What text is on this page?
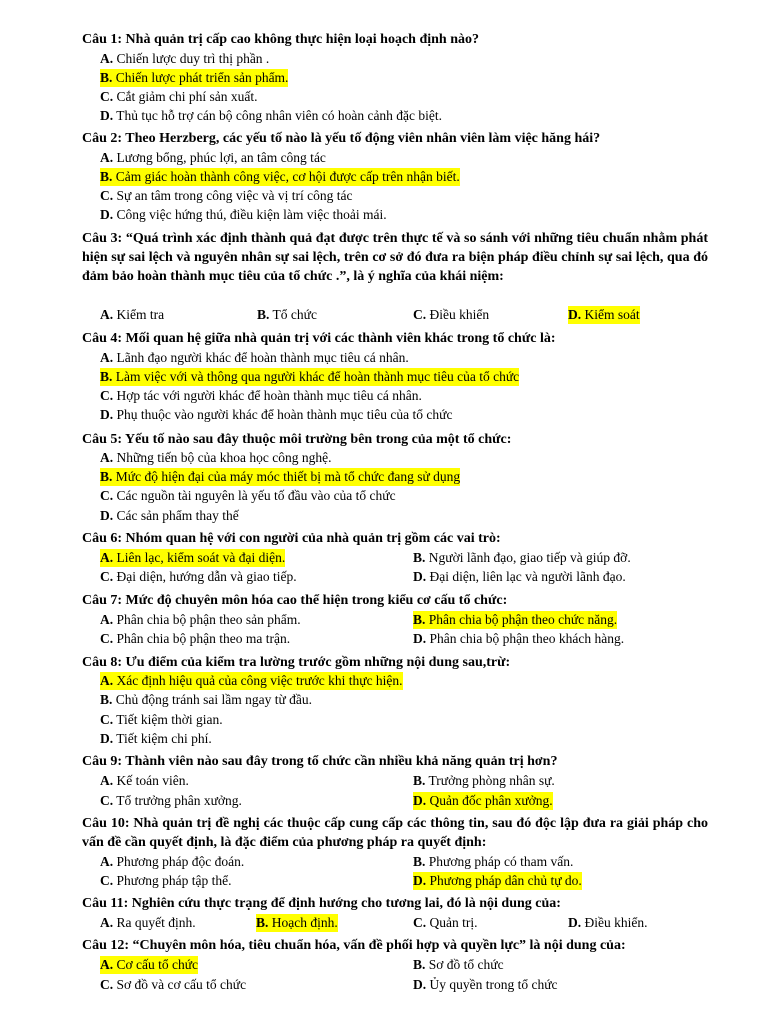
Câu 1: Nhà quản trị cấp cao không thực hiện loại hoạch định nào?
A. Chiến lược duy trì thị phần .
B. Chiến lược phát triển sản phẩm.
C. Cắt giảm chi phí sản xuất.
D. Thủ tục hỗ trợ cán bộ công nhân viên có hoàn cảnh đặc biệt.
Câu 2: Theo Herzberg, các yếu tố nào là yếu tố động viên nhân viên làm việc hăng hái?
A. Lương bổng, phúc lợi, an tâm công tác
B. Cảm giác hoàn thành công việc, cơ hội được cấp trên nhận biết.
C. Sự an tâm trong công việc và vị trí công tác
D. Công việc hứng thú, điều kiện làm việc thoải mái.
Câu 3: “Quá trình xác định thành quả đạt được trên thực tế và so sánh với những tiêu chuẩn nhằm phát hiện sự sai lệch và nguyên nhân sự sai lệch, trên cơ sở đó đưa ra biện pháp điều chỉnh sự sai lệch, qua đó đảm bảo hoàn thành mục tiêu của tổ chức .”, là ý nghĩa của khái niệm:
A. Kiểm tra	B. Tổ chức	C. Điều khiển	D. Kiểm soát
Câu 4: Mối quan hệ giữa nhà quản trị với các thành viên khác trong tổ chức là:
A. Lãnh đạo người khác để hoàn thành mục tiêu cá nhân.
B. Làm việc với và thông qua người khác để hoàn thành mục tiêu của tổ chức
C. Hợp tác với người khác để hoàn thành mục tiêu cá nhân.
D. Phụ thuộc vào người khác để hoàn thành mục tiêu của tổ chức
Câu 5: Yếu tố nào sau đây thuộc môi trường bên trong của một tổ chức:
A. Những tiến bộ của khoa học công nghệ.
B. Mức độ hiện đại của máy móc thiết bị mà tổ chức đang sử dụng
C. Các nguồn tài nguyên là yếu tố đầu vào của tổ chức
D. Các sản phẩm thay thế
Câu 6: Nhóm quan hệ với con người của nhà quản trị gồm các vai trò:
A. Liên lạc, kiểm soát và đại diện.	B. Người lãnh đạo, giao tiếp và giúp đỡ.
C. Đại diện, hướng dẫn và giao tiếp.	D. Đại diện, liên lạc và người lãnh đạo.
Câu 7: Mức độ chuyên môn hóa cao thể hiện trong kiểu cơ cấu tổ chức:
A. Phân chia bộ phận theo sản phẩm.	B. Phân chia bộ phận theo chức năng.
C. Phân chia bộ phận theo ma trận.	D. Phân chia bộ phận theo khách hàng.
Câu 8: Ưu điểm của kiểm tra lường trước gồm những nội dung sau,trừ:
A. Xác định hiệu quả của công việc trước khi thực hiện.
B. Chủ động tránh sai lầm ngay từ đầu.
C. Tiết kiệm thời gian.
D. Tiết kiệm chi phí.
Câu 9: Thành viên nào sau đây trong tổ chức cần nhiều khả năng quản trị hơn?
A. Kế toán viên.	B. Trưởng phòng nhân sự.
C. Tổ trưởng phân xưởng.	D. Quản đốc phân xưởng.
Câu 10: Nhà quản trị đề nghị các thuộc cấp cung cấp các thông tin, sau đó độc lập đưa ra giải pháp cho vấn đề cần quyết định, là đặc điểm của phương pháp ra quyết định:
A. Phương pháp độc đoán.	B. Phương pháp có tham vấn.
C. Phương pháp tập thể.	D. Phương pháp dân chủ tự do.
Câu 11: Nghiên cứu thực trạng để định hướng cho tương lai, đó là nội dung của:
A. Ra quyết định.	B. Hoạch định.	C. Quản trị.	D. Điều khiển.
Câu 12: “Chuyên môn hóa, tiêu chuẩn hóa, vấn đề phối hợp và quyền lực” là nội dung của:
A. Cơ cấu tổ chức	B. Sơ đồ tổ chức
C. Sơ đồ và cơ cấu tổ chức	D. Ủy quyền trong tổ chức
